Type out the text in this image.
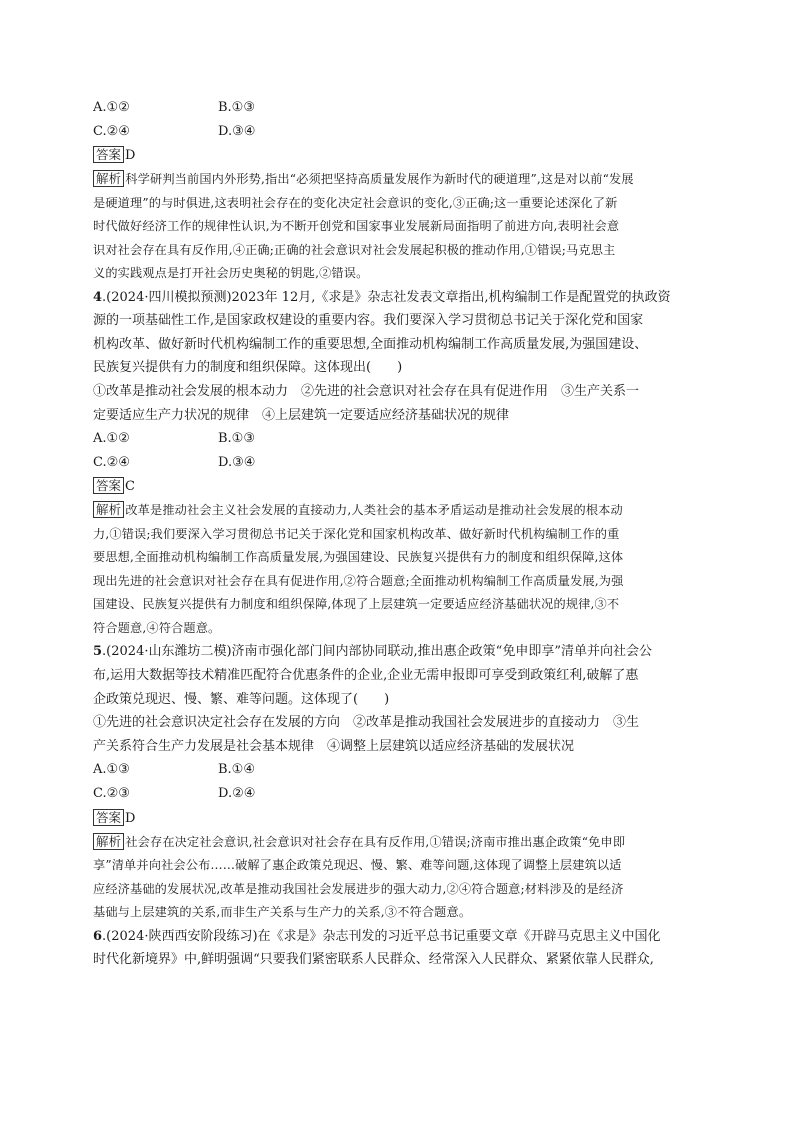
A.①②	B.①③
C.②④	D.③④
答案 D
解析 科学研判当前国内外形势,指出“必须把坚持高质量发展作为新时代的硬道理”,这是对以前“发展
是硬道理”的与时俱进,这表明社会存在的变化决定社会意识的变化,③正确;这一重要论述深化了新
时代做好经济工作的规律性认识,为不断开创党和国家事业发展新局面指明了前进方向,表明社会意
识对社会存在具有反作用,④正确;正确的社会意识对社会发展起积极的推动作用,①错误;马克思主
义的实践观点是打开社会历史奥秘的钥匙,②错误。
4.(2024·四川模拟预测)2023年 12月,《求是》杂志社发表文章指出,机构编制工作是配置党的执政资
源的一项基础性工作,是国家政权建设的重要内容。我们要深入学习贯彻总书记关于深化党和国家
机构改革、做好新时代机构编制工作的重要思想,全面推动机构编制工作高质量发展,为强国建设、
民族复兴提供有力的制度和组织保障。这体现出(　　)
①改革是推动社会发展的根本动力　②先进的社会意识对社会存在具有促进作用　③生产关系一
定要适应生产力状况的规律　④上层建筑一定要适应经济基础状况的规律
A.①②	B.①③
C.②④	D.③④
答案 C
解析 改革是推动社会主义社会发展的直接动力,人类社会的基本矛盾运动是推动社会发展的根本动
力,①错误;我们要深入学习贯彻总书记关于深化党和国家机构改革、做好新时代机构编制工作的重
要思想,全面推动机构编制工作高质量发展,为强国建设、民族复兴提供有力的制度和组织保障,这体
现出先进的社会意识对社会存在具有促进作用,②符合题意;全面推动机构编制工作高质量发展,为强
国建设、民族复兴提供有力制度和组织保障,体现了上层建筑一定要适应经济基础状况的规律,③不
符合题意,④符合题意。
5.(2024·山东潍坊二模)济南市强化部门间内部协同联动,推出惠企政策“免申即享”清单并向社会公
布,运用大数据等技术精准匹配符合优惠条件的企业,企业无需申报即可享受到政策红利,破解了惠
企政策兑现迟、慢、繁、难等问题。这体现了(　　)
①先进的社会意识决定社会存在发展的方向　②改革是推动我国社会发展进步的直接动力　③生
产关系符合生产力发展是社会基本规律　④调整上层建筑以适应经济基础的发展状况
A.①③	B.①④
C.②③	D.②④
答案 D
解析 社会存在决定社会意识,社会意识对社会存在具有反作用,①错误;济南市推出惠企政策“免申即
享”清单并向社会公布……破解了惠企政策兑现迟、慢、繁、难等问题,这体现了调整上层建筑以适
应经济基础的发展状况,改革是推动我国社会发展进步的强大动力,②④符合题意;材料涉及的是经济
基础与上层建筑的关系,而非生产关系与生产力的关系,③不符合题意。
6.(2024·陕西西安阶段练习)在《求是》杂志刊发的习近平总书记重要文章《开辟马克思主义中国化
时代化新境界》中,鲜明强调“只要我们紧密联系人民群众、经常深入人民群众、紧紧依靠人民群众,
